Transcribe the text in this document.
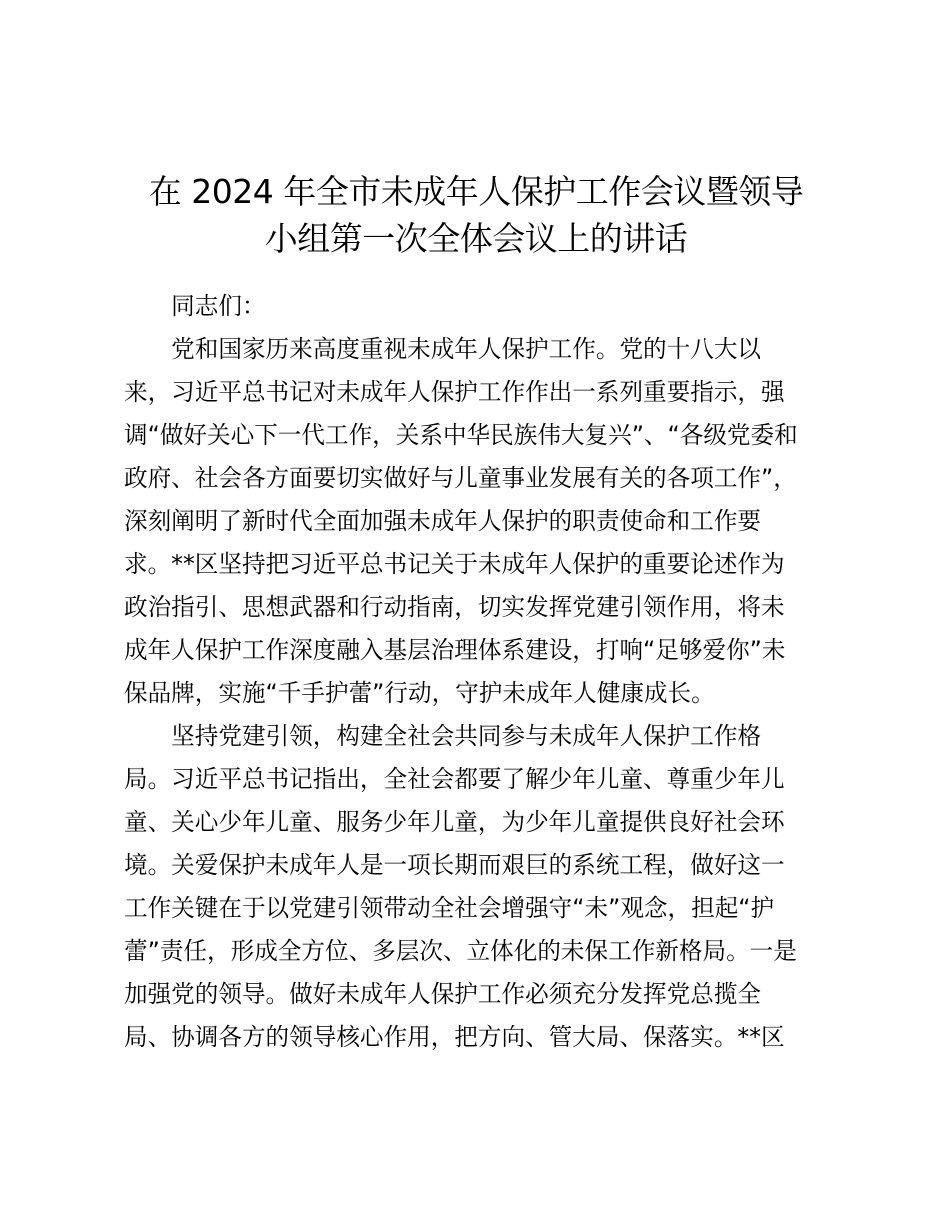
在 2024 年全市未成年人保护工作会议暨领导
小组第一次全体会议上的讲话
　　同志们：
　　党和国家历来高度重视未成年人保护工作。党的十八大以
来，习近平总书记对未成年人保护工作作出一系列重要指示，强
调“做好关心下一代工作，关系中华民族伟大复兴”、“各级党委和
政府、社会各方面要切实做好与儿童事业发展有关的各项工作”，
深刻阐明了新时代全面加强未成年人保护的职责使命和工作要
求。**区坚持把习近平总书记关于未成年人保护的重要论述作为
政治指引、思想武器和行动指南，切实发挥党建引领作用，将未
成年人保护工作深度融入基层治理体系建设，打响“足够爱你”未
保品牌，实施“千手护蕾”行动，守护未成年人健康成长。
　　坚持党建引领，构建全社会共同参与未成年人保护工作格
局。习近平总书记指出，全社会都要了解少年儿童、尊重少年儿
童、关心少年儿童、服务少年儿童，为少年儿童提供良好社会环
境。关爱保护未成年人是一项长期而艰巨的系统工程，做好这一
工作关键在于以党建引领带动全社会增强守“未”观念，担起“护
蕾”责任，形成全方位、多层次、立体化的未保工作新格局。一是
加强党的领导。做好未成年人保护工作必须充分发挥党总揽全
局、协调各方的领导核心作用，把方向、管大局、保落实。**区
